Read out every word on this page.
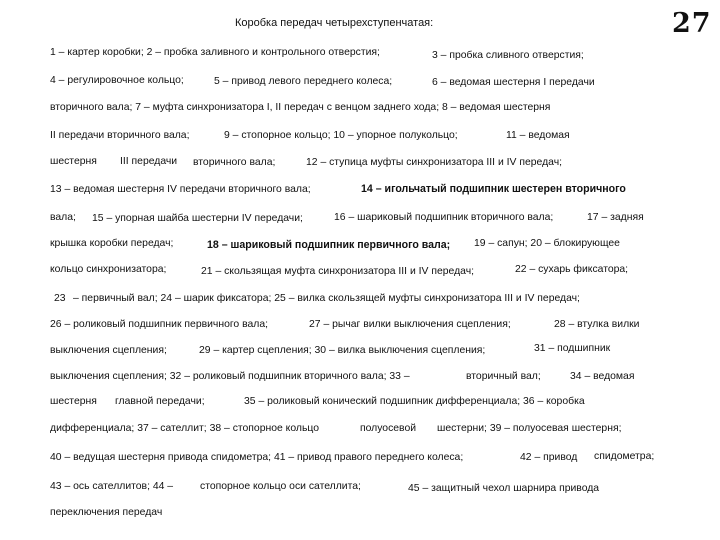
Коробка передач четырехступенчатая:	27
1 – картер коробки; 2 – пробка заливного и контрольного отверстия;	3 – пробка сливного отверстия;
4 – регулировочное кольцо;	5 – привод левого переднего колеса;	6 – ведомая шестерня I передачи
вторичного вала; 7 – муфта синхронизатора I, II передач с венцом заднего хода; 8 – ведомая шестерня
II передачи вторичного вала;	9 – стопорное кольцо; 10 – упорное полукольцо;	11 – ведомая
шестерня III передачи вторичного вала;	12 – ступица муфты синхронизатора III и IV передач;
13 – ведомая шестерня IV передачи вторичного вала;	14 – игольчатый подшипник шестерен вторичного
вала; 15 – упорная шайба шестерни IV передачи;	16 – шариковый подшипник вторичного вала;	17 – задняя
крышка коробки передач;	18 – шариковый подшипник первичного вала; 19 – сапун; 20 – блокирующее
кольцо синхронизатора;	21 – скользящая муфта синхронизатора III и IV передач;	22 – сухарь фиксатора;
23 – первичный вал; 24 – шарик фиксатора; 25 – вилка скользящей муфты синхронизатора III и IV передач;
26 – роликовый подшипник первичного вала;	27 – рычаг вилки выключения сцепления;	28 – втулка вилки
выключения сцепления;	29 – картер сцепления; 30 – вилка выключения сцепления;	31 – подшипник
выключения сцепления; 32 – роликовый подшипник вторичного вала; 33 –	вторичный вал;	34 – ведомая
шестерня главной передачи;	35 – роликовый конический подшипник дифференциала; 36 – коробка
дифференциала; 37 – сателлит; 38 – стопорное кольцо	полуосевой шестерни; 39 – полуосевая шестерня;
40 – ведущая шестерня привода спидометра; 41 – привод правого переднего колеса;	42 – привод спидометра;
43 – ось сателлитов; 44 –	стопорное кольцо оси сателлита;	45 – защитный чехол шарнира привода
переключения передач
